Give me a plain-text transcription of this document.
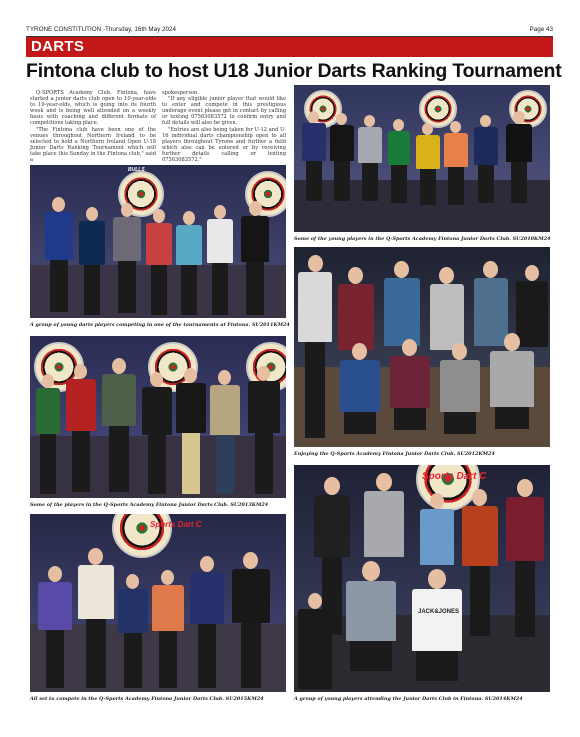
TYRONE CONSTITUTION -Thursday, 16th May 2024	Page 43
DARTS
Fintona club to host U18 Junior Darts Ranking Tournament

Q-SPORTS Academy Club, Fintona, have started a junior darts club open to 10-year-olds to 19-year-olds, which is going into its fourth week and is being well attended on a weekly basis with coaching and different formats of competitions taking place.

"The Fintona club have been one of the venues throughout Northern Ireland to be selected to hold a Northern Ireland Open U-18 Junior Darts Ranking Tournament which will take place this Sunday in the Fintona club," said a

spokesperson.

"If any eligible junior player that would like to enter and compete in this prestigious underage event please get in contact by calling or texting 07563083572 to confirm entry and full details will also be given.

"Entries are also being taken for U-12 and U-16 individual darts championship open to all players throughout Tyrone and further a field which also can be entered or by receiving further details calling or texting 07563083572."

BULLS
A group of young darts players competing in one of the tournaments at Fintona. SU2011KM24
Some of the young players in the Q-Sports Academy Fintona Junior Darts Club. SU2010KM24
Enjoying the Q-Sports Academy Fintona Junior Darts Club. SU2012KM24
Some of the players in the Q-Sports Academy Fintona Junior Darts Club. SU2013KM24
Sports Dart C
All set to compete in the Q-Sports Academy Fintona Junior Darts Club. SU2015KM24
Sports Dart C
JACK&JONES
A group of young players attending the Junior Darts Club in Fintona. SU2014KM24
